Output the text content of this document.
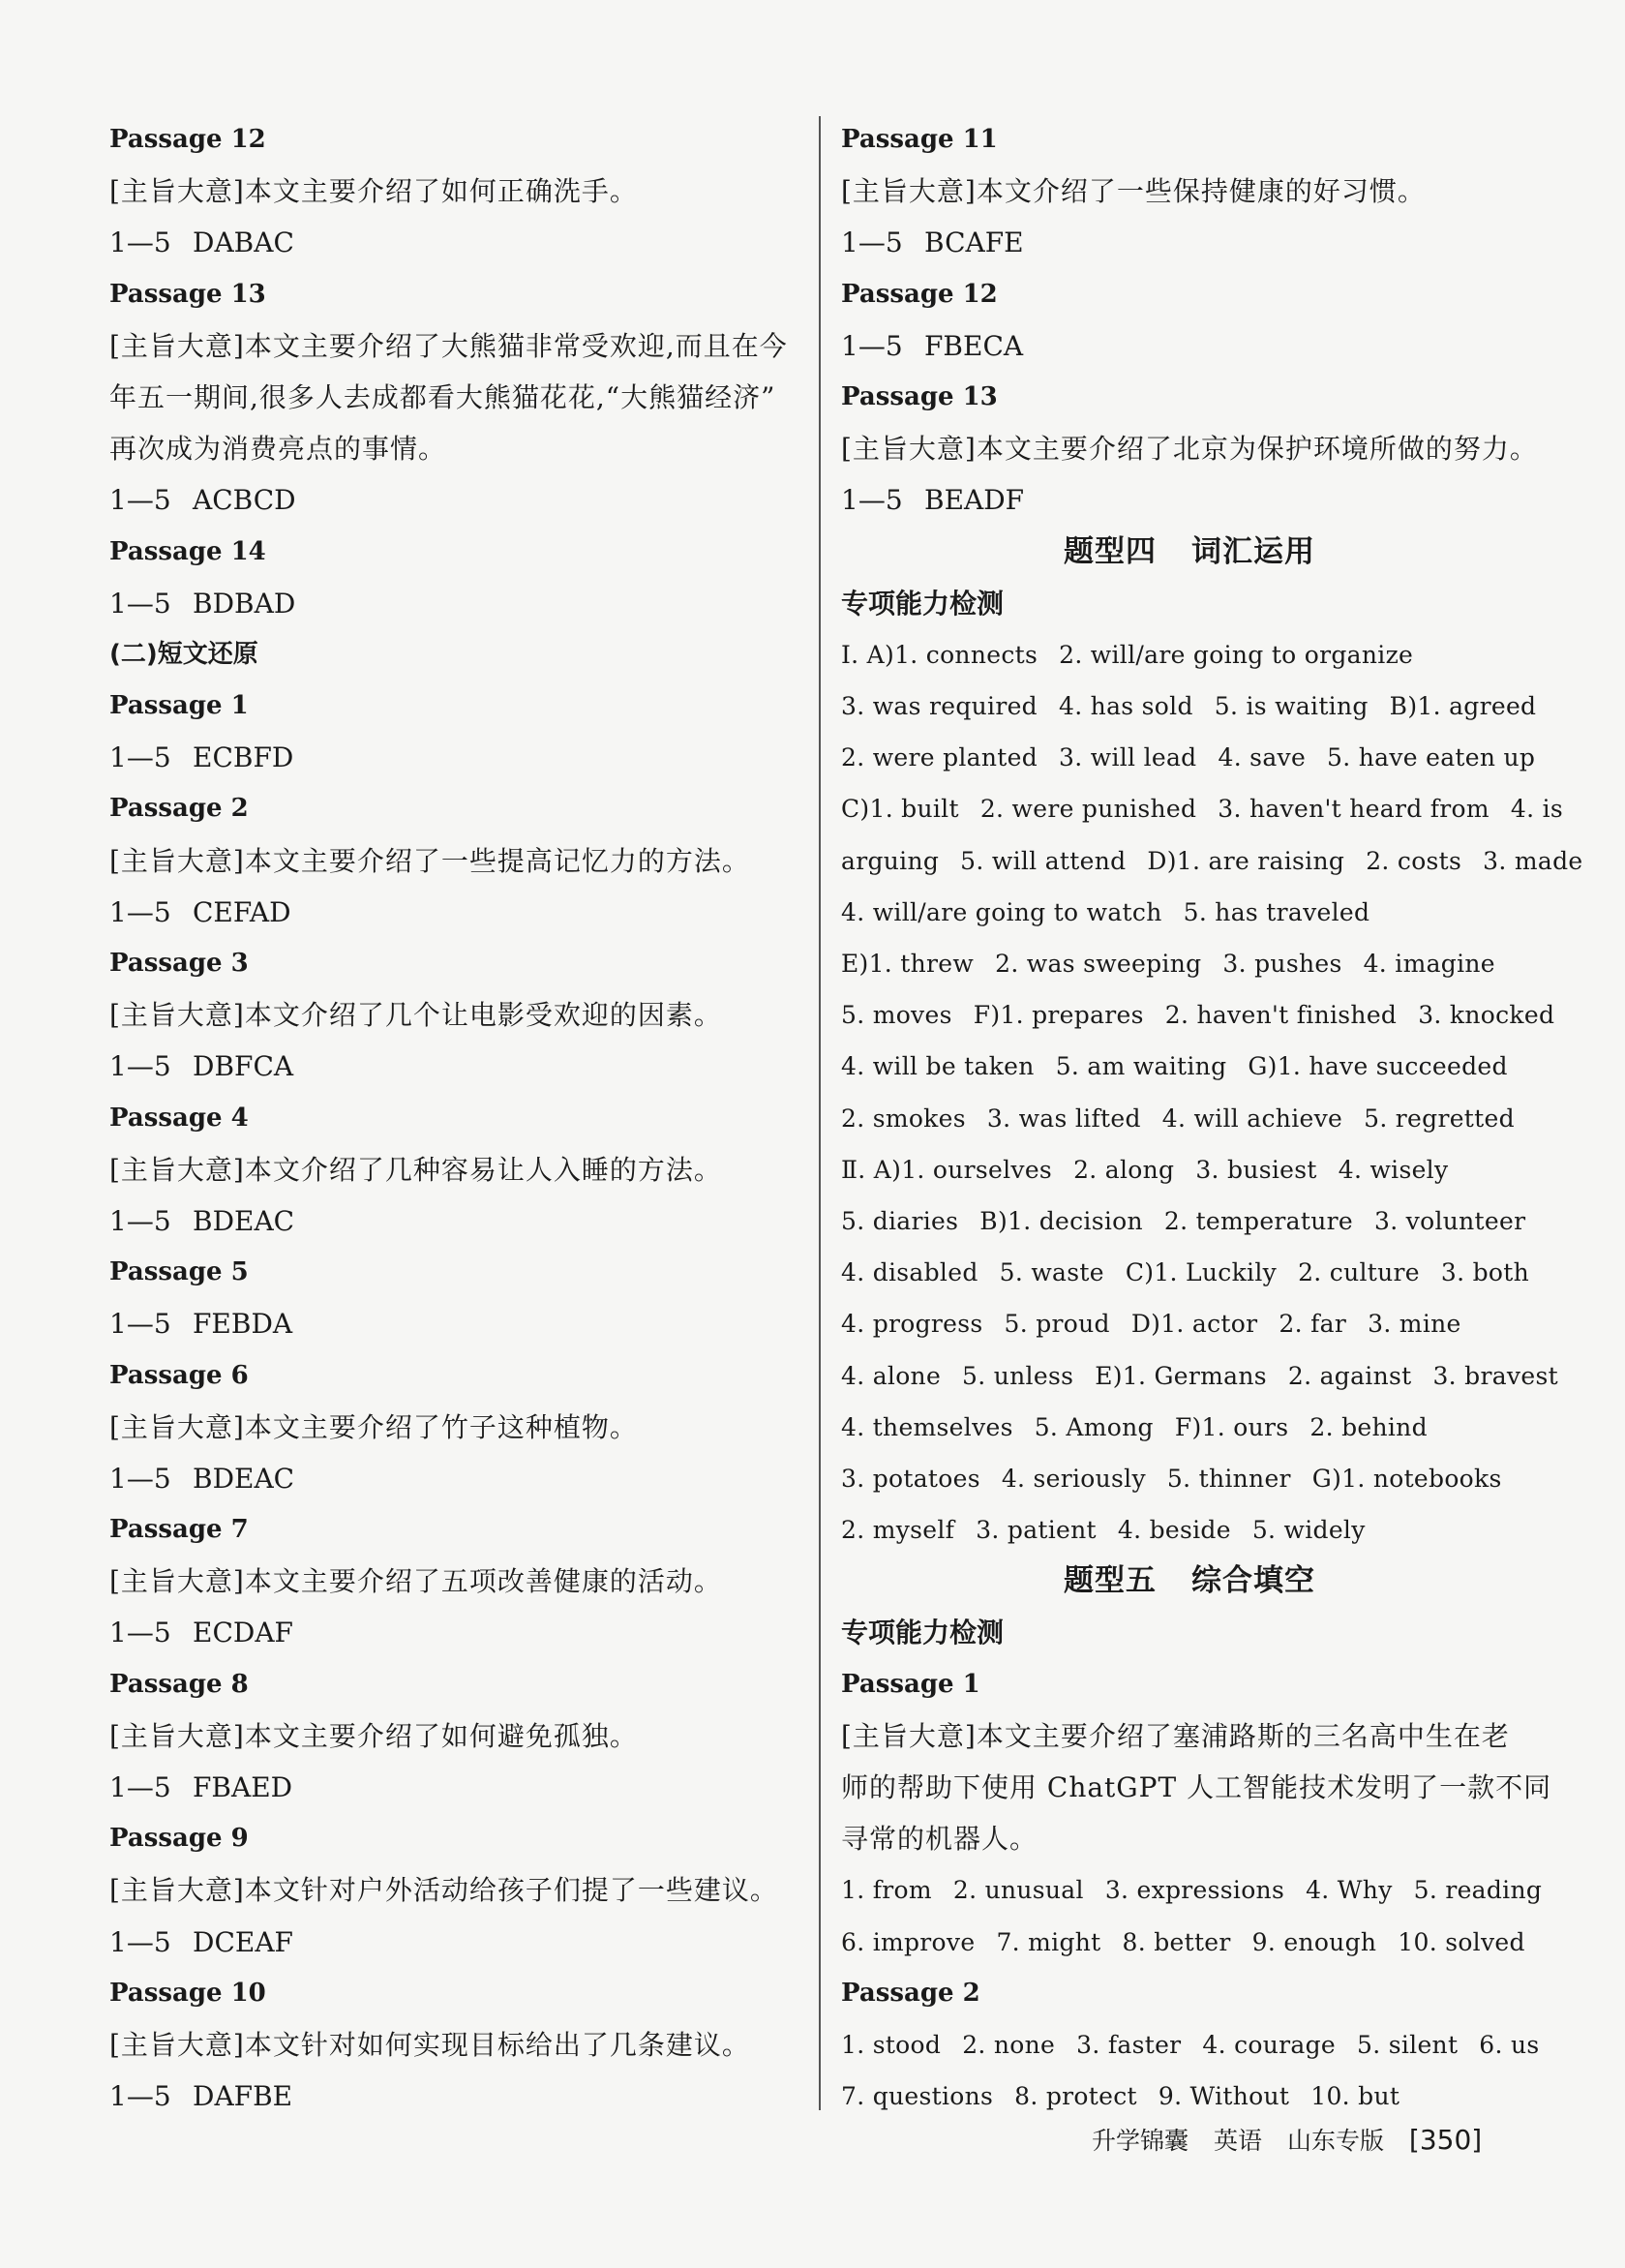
Passage 12
[主旨大意]本文主要介绍了如何正确洗手。
1—5 DABAC
Passage 13
[主旨大意]本文主要介绍了大熊猫非常受欢迎,而且在今
年五一期间,很多人去成都看大熊猫花花,“大熊猫经济”
再次成为消费亮点的事情。
1—5 ACBCD
Passage 14
1—5 BDBAD
(二)短文还原
Passage 1
1—5 ECBFD
Passage 2
[主旨大意]本文主要介绍了一些提高记忆力的方法。
1—5 CEFAD
Passage 3
[主旨大意]本文介绍了几个让电影受欢迎的因素。
1—5 DBFCA
Passage 4
[主旨大意]本文介绍了几种容易让人入睡的方法。
1—5 BDEAC
Passage 5
1—5 FEBDA
Passage 6
[主旨大意]本文主要介绍了竹子这种植物。
1—5 BDEAC
Passage 7
[主旨大意]本文主要介绍了五项改善健康的活动。
1—5 ECDAF
Passage 8
[主旨大意]本文主要介绍了如何避免孤独。
1—5 FBAED
Passage 9
[主旨大意]本文针对户外活动给孩子们提了一些建议。
1—5 DCEAF
Passage 10
[主旨大意]本文针对如何实现目标给出了几条建议。
1—5 DAFBE
Passage 11
[主旨大意]本文介绍了一些保持健康的好习惯。
1—5 BCAFE
Passage 12
1—5 FBECA
Passage 13
[主旨大意]本文主要介绍了北京为保护环境所做的努力。
1—5 BEADF
题型四 词汇运用
专项能力检测
Ⅰ. A)1. connects 2. will/are going to organize
3. was required 4. has sold 5. is waiting B)1. agreed
2. were planted 3. will lead 4. save 5. have eaten up
C)1. built 2. were punished 3. haven't heard from 4. is
arguing 5. will attend D)1. are raising 2. costs 3. made
4. will/are going to watch 5. has traveled
E)1. threw 2. was sweeping 3. pushes 4. imagine
5. moves F)1. prepares 2. haven't finished 3. knocked
4. will be taken 5. am waiting G)1. have succeeded
2. smokes 3. was lifted 4. will achieve 5. regretted
Ⅱ. A)1. ourselves 2. along 3. busiest 4. wisely
5. diaries B)1. decision 2. temperature 3. volunteer
4. disabled 5. waste C)1. Luckily 2. culture 3. both
4. progress 5. proud D)1. actor 2. far 3. mine
4. alone 5. unless E)1. Germans 2. against 3. bravest
4. themselves 5. Among F)1. ours 2. behind
3. potatoes 4. seriously 5. thinner G)1. notebooks
2. myself 3. patient 4. beside 5. widely
题型五 综合填空
专项能力检测
Passage 1
[主旨大意]本文主要介绍了塞浦路斯的三名高中生在老
师的帮助下使用 ChatGPT 人工智能技术发明了一款不同
寻常的机器人。
1. from 2. unusual 3. expressions 4. Why 5. reading
6. improve 7. might 8. better 9. enough 10. solved
Passage 2
1. stood 2. none 3. faster 4. courage 5. silent 6. us
7. questions 8. protect 9. Without 10. but
升学锦囊 英语 山东专版 [350]
